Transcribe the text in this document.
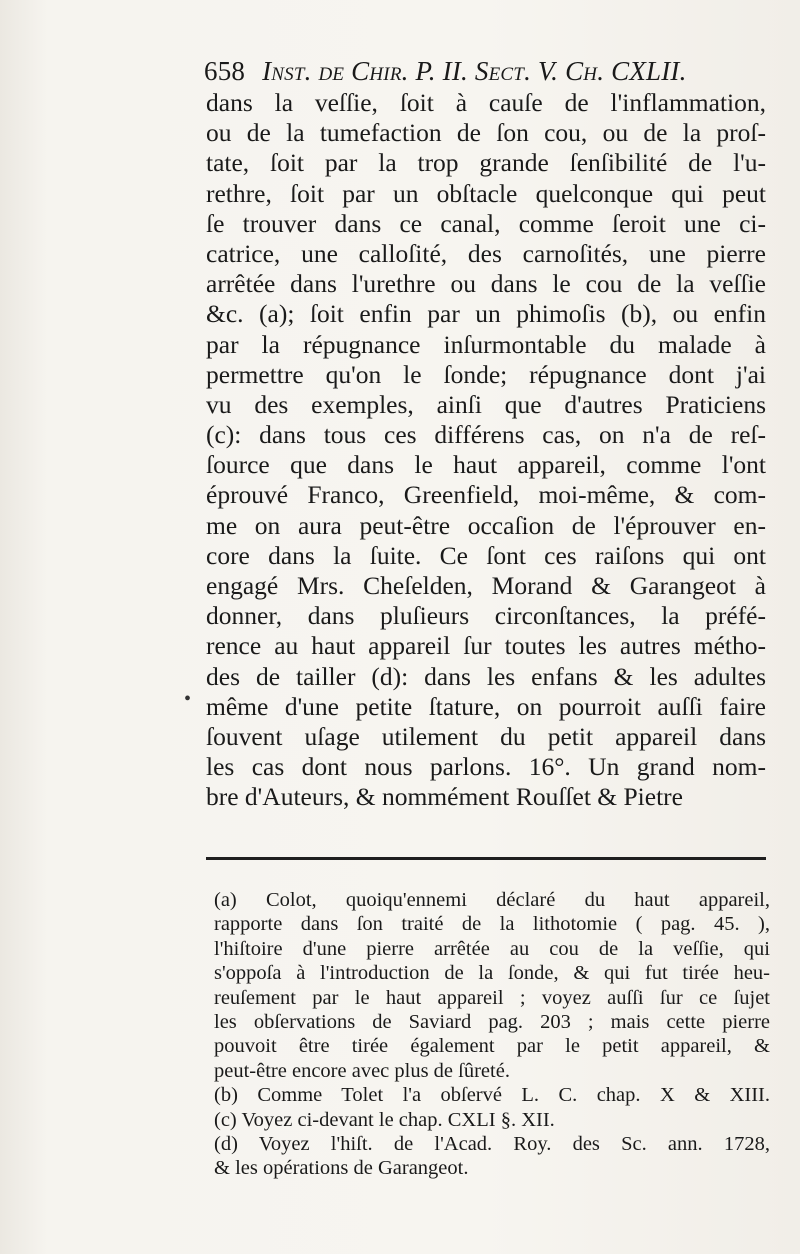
658 Inst. de Chir. P. II. Sect. V. Ch. CXLII.
dans la veſſie, ſoit à cauſe de l'inflammation,
ou de la tumefaction de ſon cou, ou de la proſ-
tate, ſoit par la trop grande ſenſibilité de l'u-
rethre, ſoit par un obſtacle quelconque qui peut
ſe trouver dans ce canal, comme ſeroit une ci-
catrice, une callοſité, des carnoſités, une pierre
arrêtée dans l'urethre ou dans le cou de la veſſie
&c. (a); ſoit enfin par un phimoſis (b), ou enfin
par la répugnance inſurmontable du malade à
permettre qu'on le ſonde; répugnance dont j'ai
vu des exemples, ainſi que d'autres Praticiens
(c): dans tous ces différens cas, on n'a de reſ-
ſource que dans le haut appareil, comme l'ont
éprouvé Franco, Greenfield, moi-même, & com-
me on aura peut-être occaſion de l'éprouver en-
core dans la ſuite. Ce ſont ces raiſons qui ont
engagé Mrs. Cheſelden, Morand & Garangeot à
donner, dans pluſieurs circonſtances, la préfé-
rence au haut appareil ſur toutes les autres métho-
des de tailler (d): dans les enfans & les adultes
même d'une petite ſtature, on pourroit auſſi faire
ſouvent uſage utilement du petit appareil dans
les cas dont nous parlons. 16°. Un grand nom-
bre d'Auteurs, & nommément Rouſſet & Pietre
•
(a) Colot, quoiqu'ennemi déclaré du haut appareil,
rapporte dans ſon traité de la lithotomie ( pag. 45. ),
l'hiſtoire d'une pierre arrêtée au cou de la veſſie, qui
s'oppoſa à l'introduction de la ſonde, & qui fut tirée heu-
reuſement par le haut appareil ; voyez auſſi ſur ce ſujet
les obſervations de Saviard pag. 203 ; mais cette pierre
pouvoit être tirée également par le petit appareil, &
peut-être encore avec plus de ſûreté.
(b) Comme Tolet l'a obſervé L. C. chap. X & XIII.
(c) Voyez ci-devant le chap. CXLI §. XII.
(d) Voyez l'hiſt. de l'Acad. Roy. des Sc. ann. 1728,
& les opérations de Garangeot.
